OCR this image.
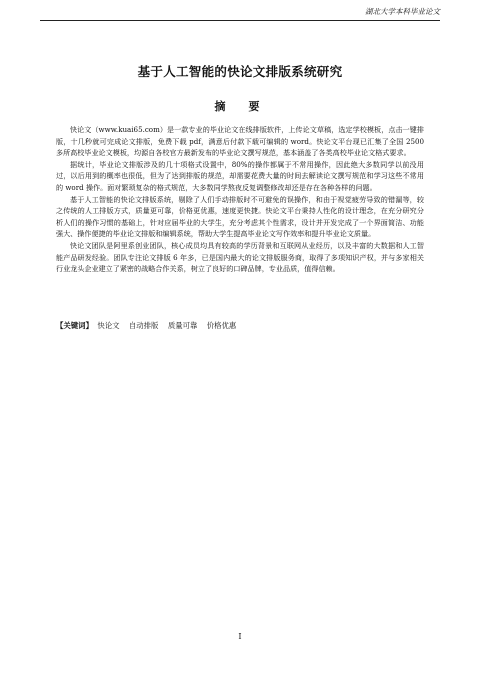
湖北大学本科毕业论文
基于人工智能的快论文排版系统研究
摘　要

快论文（www.kuai65.com）是一款专业的毕业论文在线排版软件，上传论文草稿，选定学校模板，点击一键排版，十几秒就可完成论文排版，免费下载 pdf，满意后付款下载可编辑的 word。快论文平台现已汇集了全国 2500 多所高校毕业论文模板，均源自各校官方最新发布的毕业论文撰写规范，基本涵盖了各类高校毕业论文格式要求。

据统计，毕业论文排版涉及的几十项格式设置中，80%的操作都属于不常用操作，因此绝大多数同学以前没用过，以后用到的概率也很低，但为了达到排版的规范，却需要花费大量的时间去解读论文撰写规范和学习这些不常用的 word 操作。面对繁琐复杂的格式规范，大多数同学熬夜反复调整修改却还是存在各种各样的问题。

基于人工智能的快论文排版系统，剔除了人们手动排版时不可避免的误操作，和由于视觉疲劳导致的错漏等，较之传统的人工排版方式，质量更可靠，价格更优惠，速度更快捷。快论文平台秉持人性化的设计理念，在充分研究分析人们的操作习惯的基础上，针对应届毕业的大学生，充分考虑其个性需求，设计并开发完成了一个界面简洁、功能强大、操作便捷的毕业论文排版和编辑系统，帮助大学生提高毕业论文写作效率和提升毕业论文质量。

快论文团队是阿里系创业团队，核心成员均具有较高的学历背景和互联网从业经历，以及丰富的大数据和人工智能产品研发经验。团队专注论文排版 6 年多，已是国内最大的论文排版服务商，取得了多项知识产权，并与多家相关行业龙头企业建立了紧密的战略合作关系，树立了良好的口碑品牌，专业品质，值得信赖。

【关键词】 快论文 自动排版 质量可靠 价格优惠
I
